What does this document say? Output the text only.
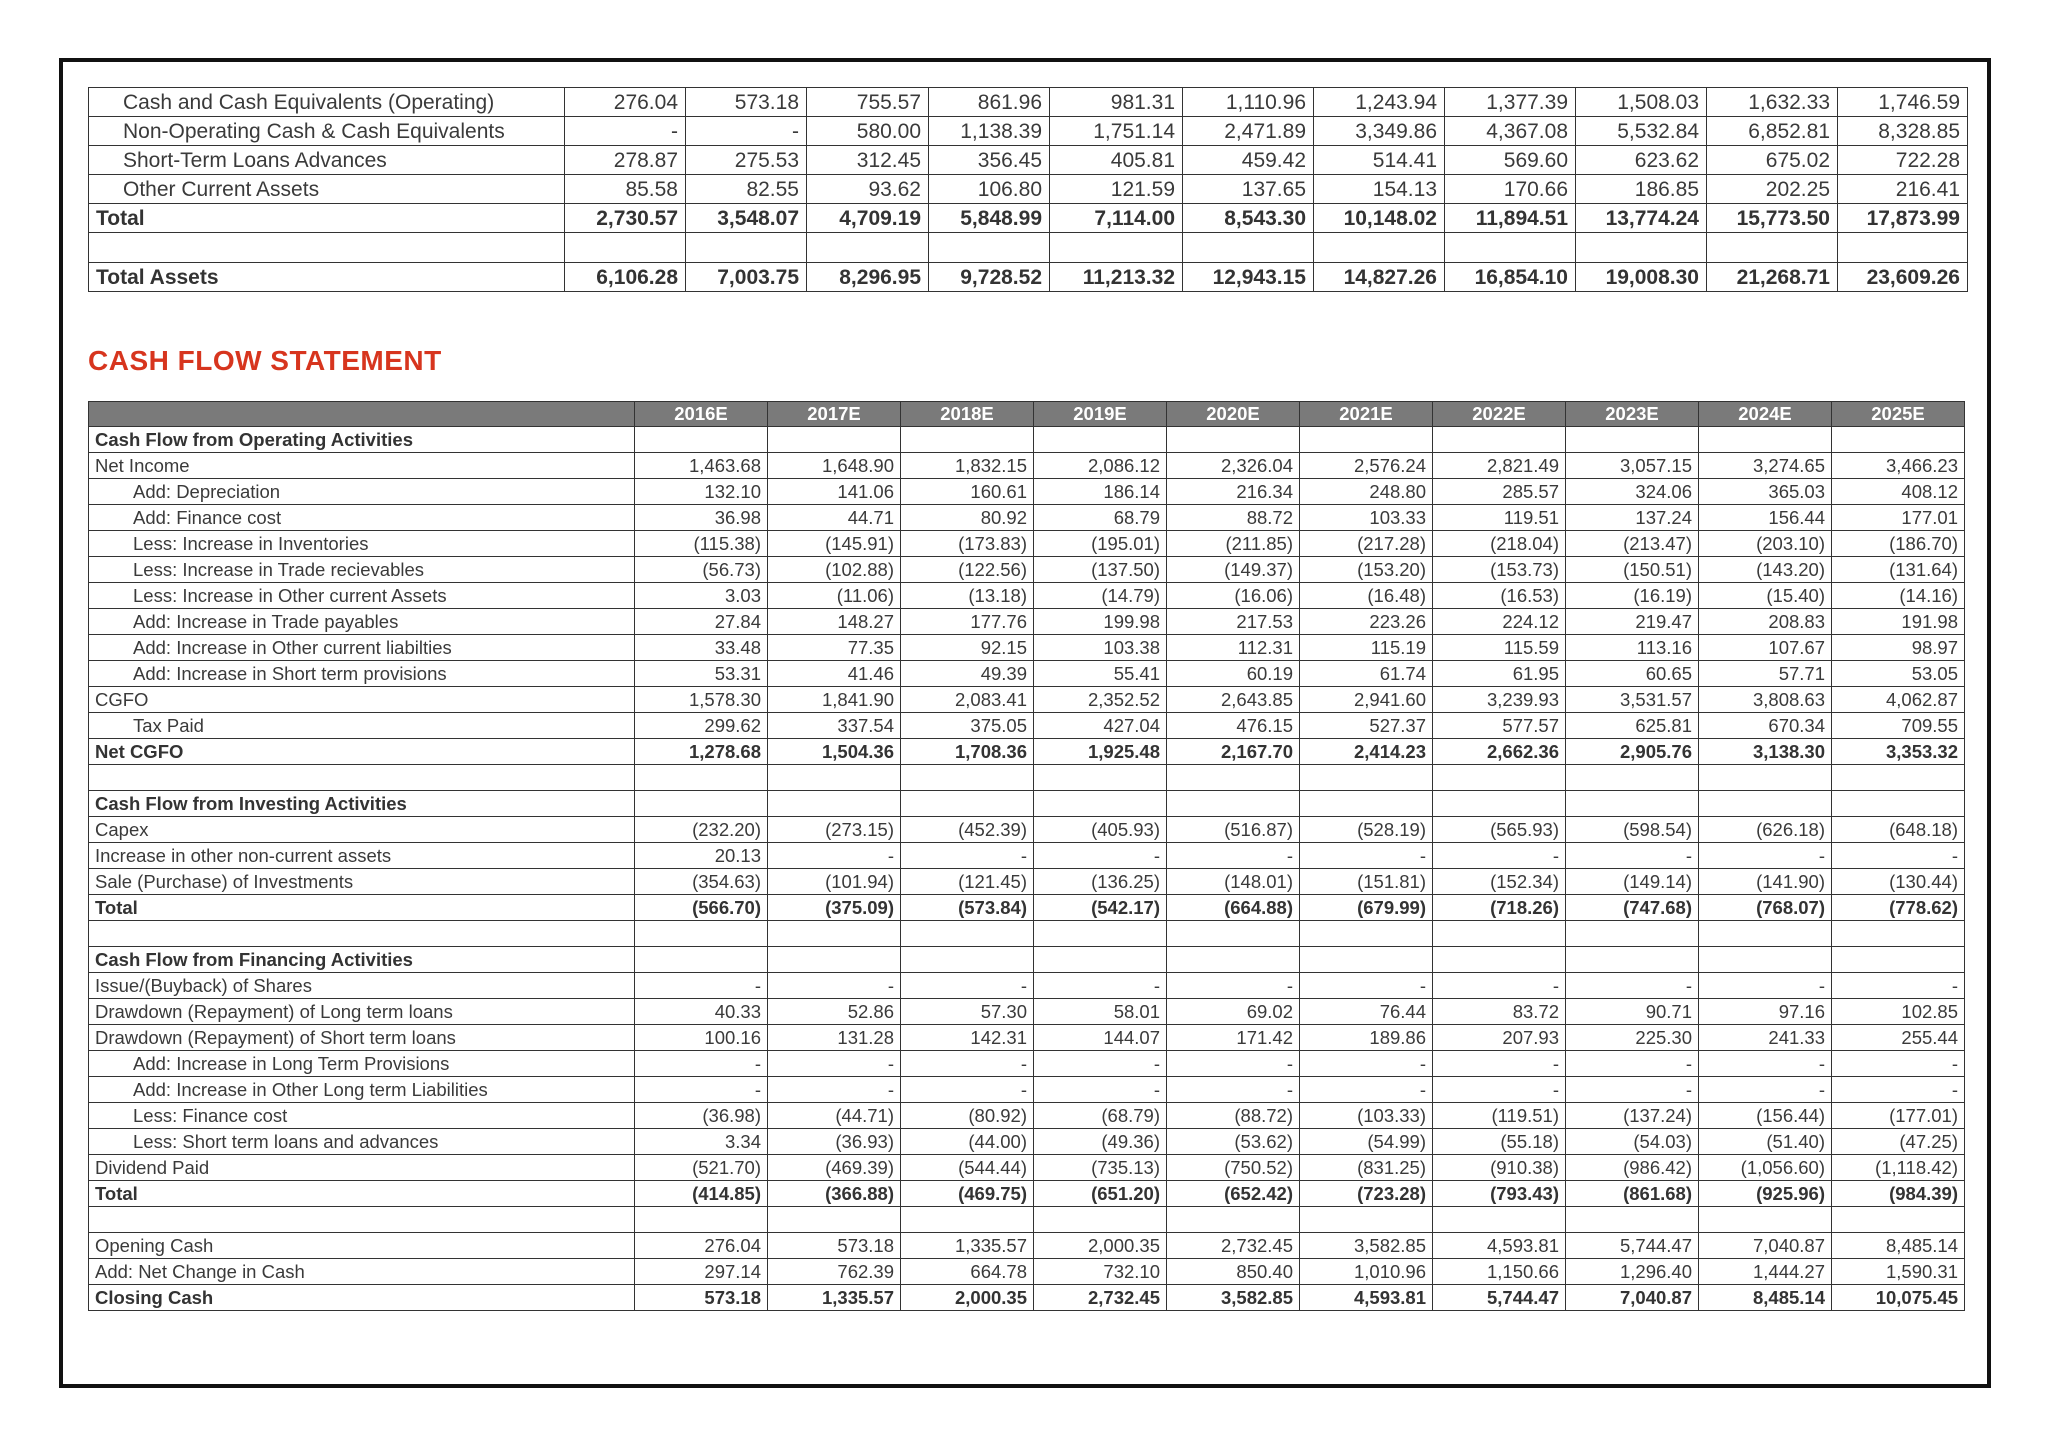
Cash and Cash Equivalents (Operating)	276.04	573.18	755.57	861.96	981.31	1,110.96	1,243.94	1,377.39	1,508.03	1,632.33	1,746.59
Non-Operating Cash & Cash Equivalents	-	-	580.00	1,138.39	1,751.14	2,471.89	3,349.86	4,367.08	5,532.84	6,852.81	8,328.85
Short-Term Loans Advances	278.87	275.53	312.45	356.45	405.81	459.42	514.41	569.60	623.62	675.02	722.28
Other Current Assets	85.58	82.55	93.62	106.80	121.59	137.65	154.13	170.66	186.85	202.25	216.41
Total	2,730.57	3,548.07	4,709.19	5,848.99	7,114.00	8,543.30	10,148.02	11,894.51	13,774.24	15,773.50	17,873.99

Total Assets	6,106.28	7,003.75	8,296.95	9,728.52	11,213.32	12,943.15	14,827.26	16,854.10	19,008.30	21,268.71	23,609.26
CASH FLOW STATEMENT
	2016E	2017E	2018E	2019E	2020E	2021E	2022E	2023E	2024E	2025E
Cash Flow from Operating Activities										
Net Income	1,463.68	1,648.90	1,832.15	2,086.12	2,326.04	2,576.24	2,821.49	3,057.15	3,274.65	3,466.23
Add: Depreciation	132.10	141.06	160.61	186.14	216.34	248.80	285.57	324.06	365.03	408.12
Add: Finance cost	36.98	44.71	80.92	68.79	88.72	103.33	119.51	137.24	156.44	177.01
Less: Increase in Inventories	(115.38)	(145.91)	(173.83)	(195.01)	(211.85)	(217.28)	(218.04)	(213.47)	(203.10)	(186.70)
Less: Increase in Trade recievables	(56.73)	(102.88)	(122.56)	(137.50)	(149.37)	(153.20)	(153.73)	(150.51)	(143.20)	(131.64)
Less: Increase in Other current Assets	3.03	(11.06)	(13.18)	(14.79)	(16.06)	(16.48)	(16.53)	(16.19)	(15.40)	(14.16)
Add: Increase in Trade payables	27.84	148.27	177.76	199.98	217.53	223.26	224.12	219.47	208.83	191.98
Add: Increase in Other current liabilties	33.48	77.35	92.15	103.38	112.31	115.19	115.59	113.16	107.67	98.97
Add: Increase in Short term provisions	53.31	41.46	49.39	55.41	60.19	61.74	61.95	60.65	57.71	53.05
CGFO	1,578.30	1,841.90	2,083.41	2,352.52	2,643.85	2,941.60	3,239.93	3,531.57	3,808.63	4,062.87
Tax Paid	299.62	337.54	375.05	427.04	476.15	527.37	577.57	625.81	670.34	709.55
Net CGFO	1,278.68	1,504.36	1,708.36	1,925.48	2,167.70	2,414.23	2,662.36	2,905.76	3,138.30	3,353.32

Cash Flow from Investing Activities										
Capex	(232.20)	(273.15)	(452.39)	(405.93)	(516.87)	(528.19)	(565.93)	(598.54)	(626.18)	(648.18)
Increase in other non-current assets	20.13	-	-	-	-	-	-	-	-	-
Sale (Purchase) of Investments	(354.63)	(101.94)	(121.45)	(136.25)	(148.01)	(151.81)	(152.34)	(149.14)	(141.90)	(130.44)
Total	(566.70)	(375.09)	(573.84)	(542.17)	(664.88)	(679.99)	(718.26)	(747.68)	(768.07)	(778.62)

Cash Flow from Financing Activities										
Issue/(Buyback) of Shares	-	-	-	-	-	-	-	-	-	-
Drawdown (Repayment) of Long term loans	40.33	52.86	57.30	58.01	69.02	76.44	83.72	90.71	97.16	102.85
Drawdown (Repayment) of Short term loans	100.16	131.28	142.31	144.07	171.42	189.86	207.93	225.30	241.33	255.44
Add: Increase in Long Term Provisions	-	-	-	-	-	-	-	-	-	-
Add: Increase in Other Long term Liabilities	-	-	-	-	-	-	-	-	-	-
Less: Finance cost	(36.98)	(44.71)	(80.92)	(68.79)	(88.72)	(103.33)	(119.51)	(137.24)	(156.44)	(177.01)
Less: Short term loans and advances	3.34	(36.93)	(44.00)	(49.36)	(53.62)	(54.99)	(55.18)	(54.03)	(51.40)	(47.25)
Dividend Paid	(521.70)	(469.39)	(544.44)	(735.13)	(750.52)	(831.25)	(910.38)	(986.42)	(1,056.60)	(1,118.42)
Total	(414.85)	(366.88)	(469.75)	(651.20)	(652.42)	(723.28)	(793.43)	(861.68)	(925.96)	(984.39)

Opening Cash	276.04	573.18	1,335.57	2,000.35	2,732.45	3,582.85	4,593.81	5,744.47	7,040.87	8,485.14
Add: Net Change in Cash	297.14	762.39	664.78	732.10	850.40	1,010.96	1,150.66	1,296.40	1,444.27	1,590.31
Closing Cash	573.18	1,335.57	2,000.35	2,732.45	3,582.85	4,593.81	5,744.47	7,040.87	8,485.14	10,075.45
